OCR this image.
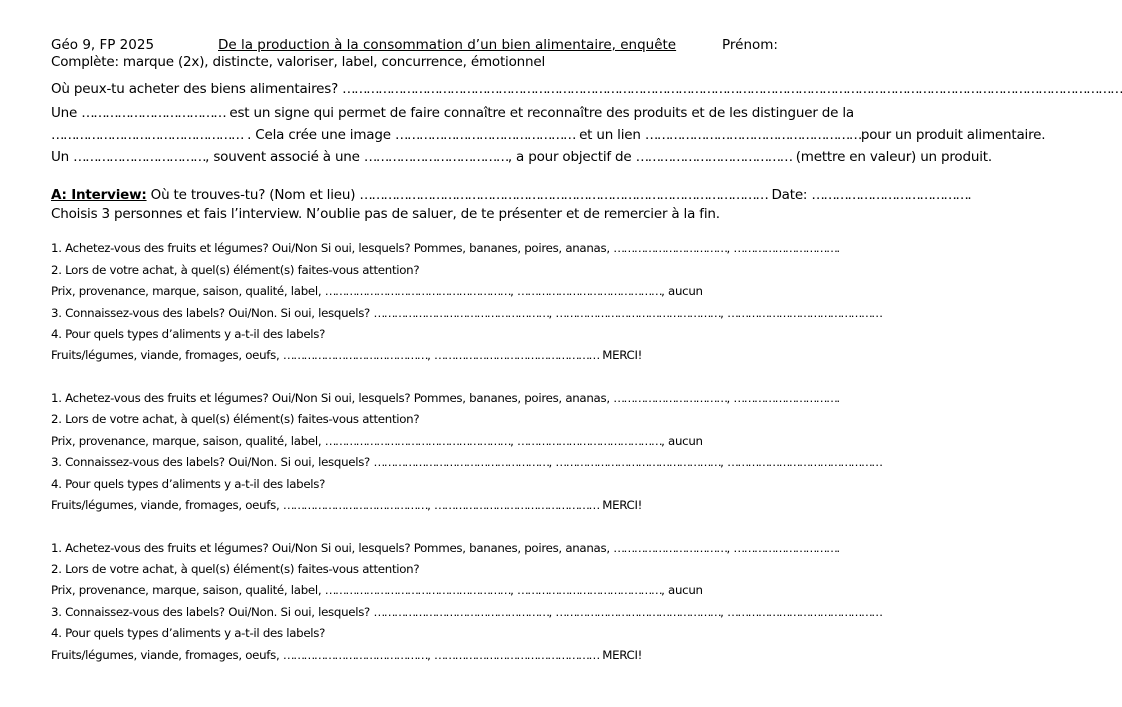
Géo 9, FP 2025	De la production à la consommation d’un bien alimentaire, enquête	Prénom:
Complète: marque (2x), distincte, valoriser, label, concurrence, émotionnel
Où peux-tu acheter des biens alimentaires? ……………………………………………………………………………………………………………………………………………………………………………
Une ……………………………… est un signe qui permet de faire connaître et reconnaître des produits et de les distinguer de la
………………………………………… . Cela crée une image ……………………………………… et un lien ………………………………………………pour un produit alimentaire.
Un ……………………………, souvent associé à une ………………………………, a pour objectif de ………………………………… (mettre en valeur) un produit.
A: Interview: Où te trouves-tu? (Nom et lieu) ………………………………………………………………………………………… Date: ………………………………….
Choisis 3 personnes et fais l’interview. N’oublie pas de saluer, de te présenter et de remercier à la fin.
1. Achetez-vous des fruits et légumes? Oui/Non Si oui, lesquels? Pommes, bananes, poires, ananas, ……………………………, ………………………….
2. Lors de votre achat, à quel(s) élément(s) faites-vous attention?
Prix, provenance, marque, saison, qualité, label, ………………………………………………, ……………………………………, aucun
3. Connaissez-vous des labels? Oui/Non. Si oui, lesquels? ……………………………………………, …………………………………………, ………………………………………
4. Pour quels types d’aliments y a-t-il des labels?
Fruits/légumes, viande, fromages, oeufs, ……………………………………, ………………………………………… MERCI!
1. Achetez-vous des fruits et légumes? Oui/Non Si oui, lesquels? Pommes, bananes, poires, ananas, ……………………………, ………………………….
2. Lors de votre achat, à quel(s) élément(s) faites-vous attention?
Prix, provenance, marque, saison, qualité, label, ………………………………………………, ……………………………………, aucun
3. Connaissez-vous des labels? Oui/Non. Si oui, lesquels? ……………………………………………, …………………………………………, ………………………………………
4. Pour quels types d’aliments y a-t-il des labels?
Fruits/légumes, viande, fromages, oeufs, ……………………………………, ………………………………………… MERCI!
1. Achetez-vous des fruits et légumes? Oui/Non Si oui, lesquels? Pommes, bananes, poires, ananas, ……………………………, ………………………….
2. Lors de votre achat, à quel(s) élément(s) faites-vous attention?
Prix, provenance, marque, saison, qualité, label, ………………………………………………, ……………………………………, aucun
3. Connaissez-vous des labels? Oui/Non. Si oui, lesquels? ……………………………………………, …………………………………………, ………………………………………
4. Pour quels types d’aliments y a-t-il des labels?
Fruits/légumes, viande, fromages, oeufs, ……………………………………, ………………………………………… MERCI!
